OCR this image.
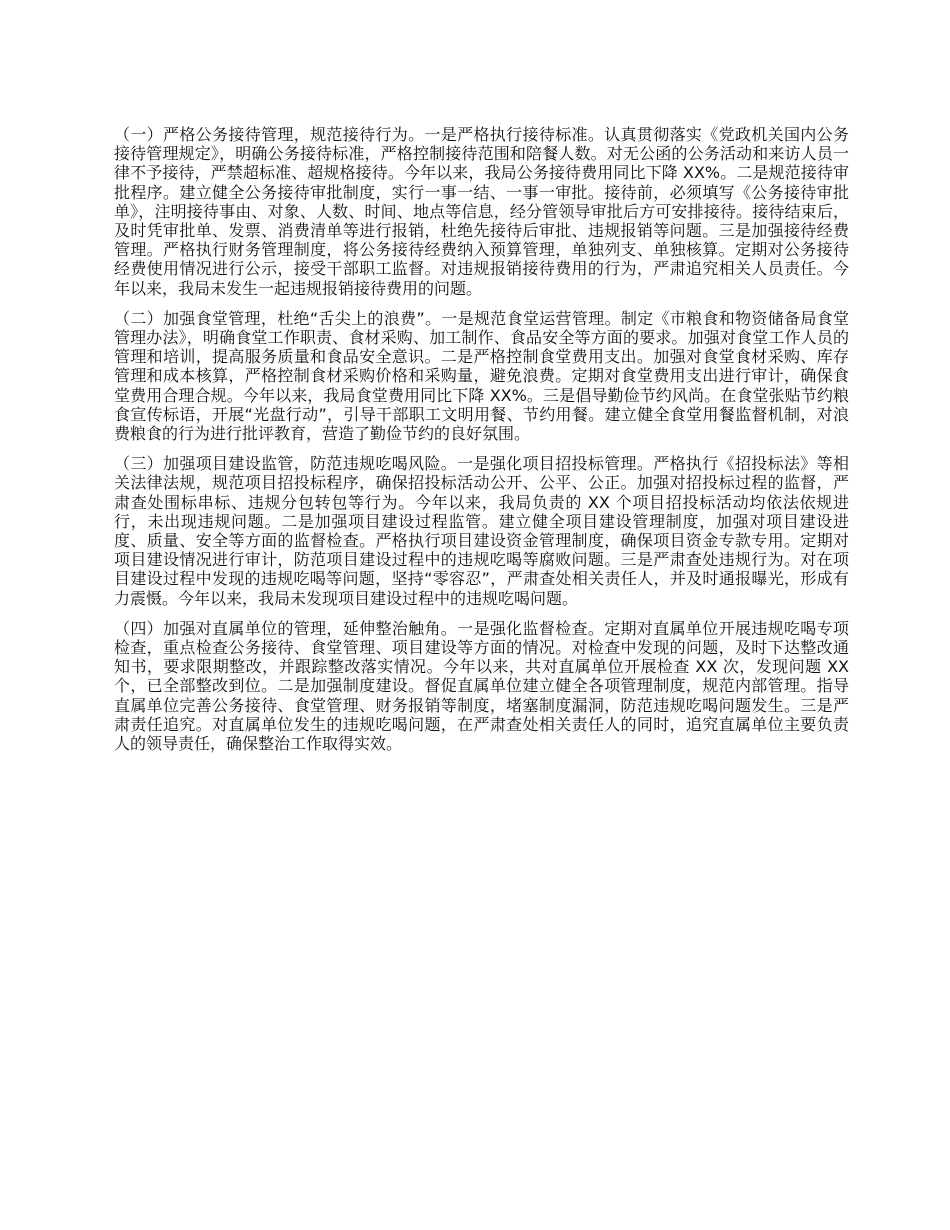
（一）严格公务接待管理，规范接待行为。一是严格执行接待标准。认真贯彻落实《党政机关国内公务接待管理规定》，明确公务接待标准，严格控制接待范围和陪餐人数。对无公函的公务活动和来访人员一律不予接待，严禁超标准、超规格接待。今年以来，我局公务接待费用同比下降 XX%。二是规范接待审批程序。建立健全公务接待审批制度，实行一事一结、一事一审批。接待前，必须填写《公务接待审批单》，注明接待事由、对象、人数、时间、地点等信息，经分管领导审批后方可安排接待。接待结束后，及时凭审批单、发票、消费清单等进行报销，杜绝先接待后审批、违规报销等问题。三是加强接待经费管理。严格执行财务管理制度，将公务接待经费纳入预算管理，单独列支、单独核算。定期对公务接待经费使用情况进行公示，接受干部职工监督。对违规报销接待费用的行为，严肃追究相关人员责任。今年以来，我局未发生一起违规报销接待费用的问题。

（二）加强食堂管理，杜绝“舌尖上的浪费”。一是规范食堂运营管理。制定《市粮食和物资储备局食堂管理办法》，明确食堂工作职责、食材采购、加工制作、食品安全等方面的要求。加强对食堂工作人员的管理和培训，提高服务质量和食品安全意识。二是严格控制食堂费用支出。加强对食堂食材采购、库存管理和成本核算，严格控制食材采购价格和采购量，避免浪费。定期对食堂费用支出进行审计，确保食堂费用合理合规。今年以来，我局食堂费用同比下降 XX%。三是倡导勤俭节约风尚。在食堂张贴节约粮食宣传标语，开展“光盘行动”，引导干部职工文明用餐、节约用餐。建立健全食堂用餐监督机制，对浪费粮食的行为进行批评教育，营造了勤俭节约的良好氛围。

（三）加强项目建设监管，防范违规吃喝风险。一是强化项目招投标管理。严格执行《招投标法》等相关法律法规，规范项目招投标程序，确保招投标活动公开、公平、公正。加强对招投标过程的监督，严肃查处围标串标、违规分包转包等行为。今年以来，我局负责的 XX 个项目招投标活动均依法依规进行，未出现违规问题。二是加强项目建设过程监管。建立健全项目建设管理制度，加强对项目建设进度、质量、安全等方面的监督检查。严格执行项目建设资金管理制度，确保项目资金专款专用。定期对项目建设情况进行审计，防范项目建设过程中的违规吃喝等腐败问题。三是严肃查处违规行为。对在项目建设过程中发现的违规吃喝等问题，坚持“零容忍”，严肃查处相关责任人，并及时通报曝光，形成有力震慑。今年以来，我局未发现项目建设过程中的违规吃喝问题。

（四）加强对直属单位的管理，延伸整治触角。一是强化监督检查。定期对直属单位开展违规吃喝专项检查，重点检查公务接待、食堂管理、项目建设等方面的情况。对检查中发现的问题，及时下达整改通知书，要求限期整改，并跟踪整改落实情况。今年以来，共对直属单位开展检查 XX 次，发现问题 XX 个，已全部整改到位。二是加强制度建设。督促直属单位建立健全各项管理制度，规范内部管理。指导直属单位完善公务接待、食堂管理、财务报销等制度，堵塞制度漏洞，防范违规吃喝问题发生。三是严肃责任追究。对直属单位发生的违规吃喝问题，在严肃查处相关责任人的同时，追究直属单位主要负责人的领导责任，确保整治工作取得实效。
